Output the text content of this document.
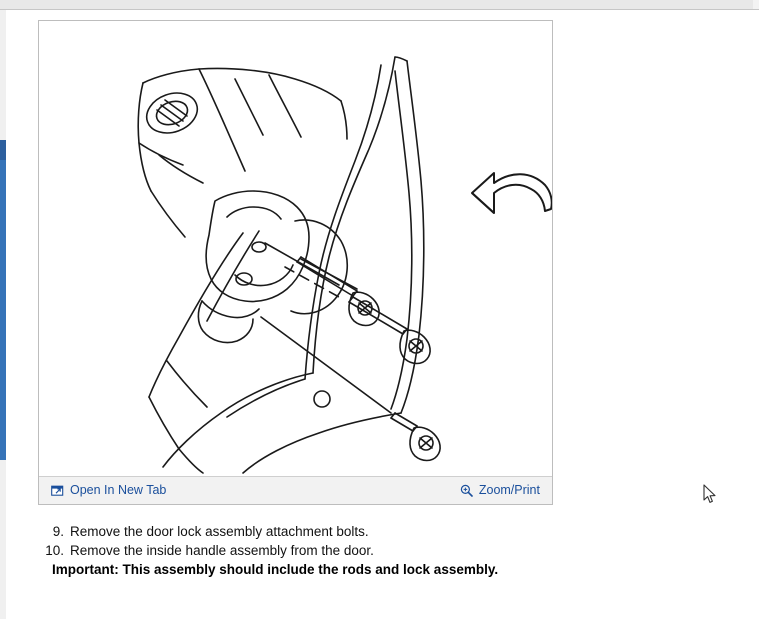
Open In New Tab	Zoom/Print
9. Remove the door lock assembly attachment bolts.
10. Remove the inside handle assembly from the door.
Important: This assembly should include the rods and lock assembly.
